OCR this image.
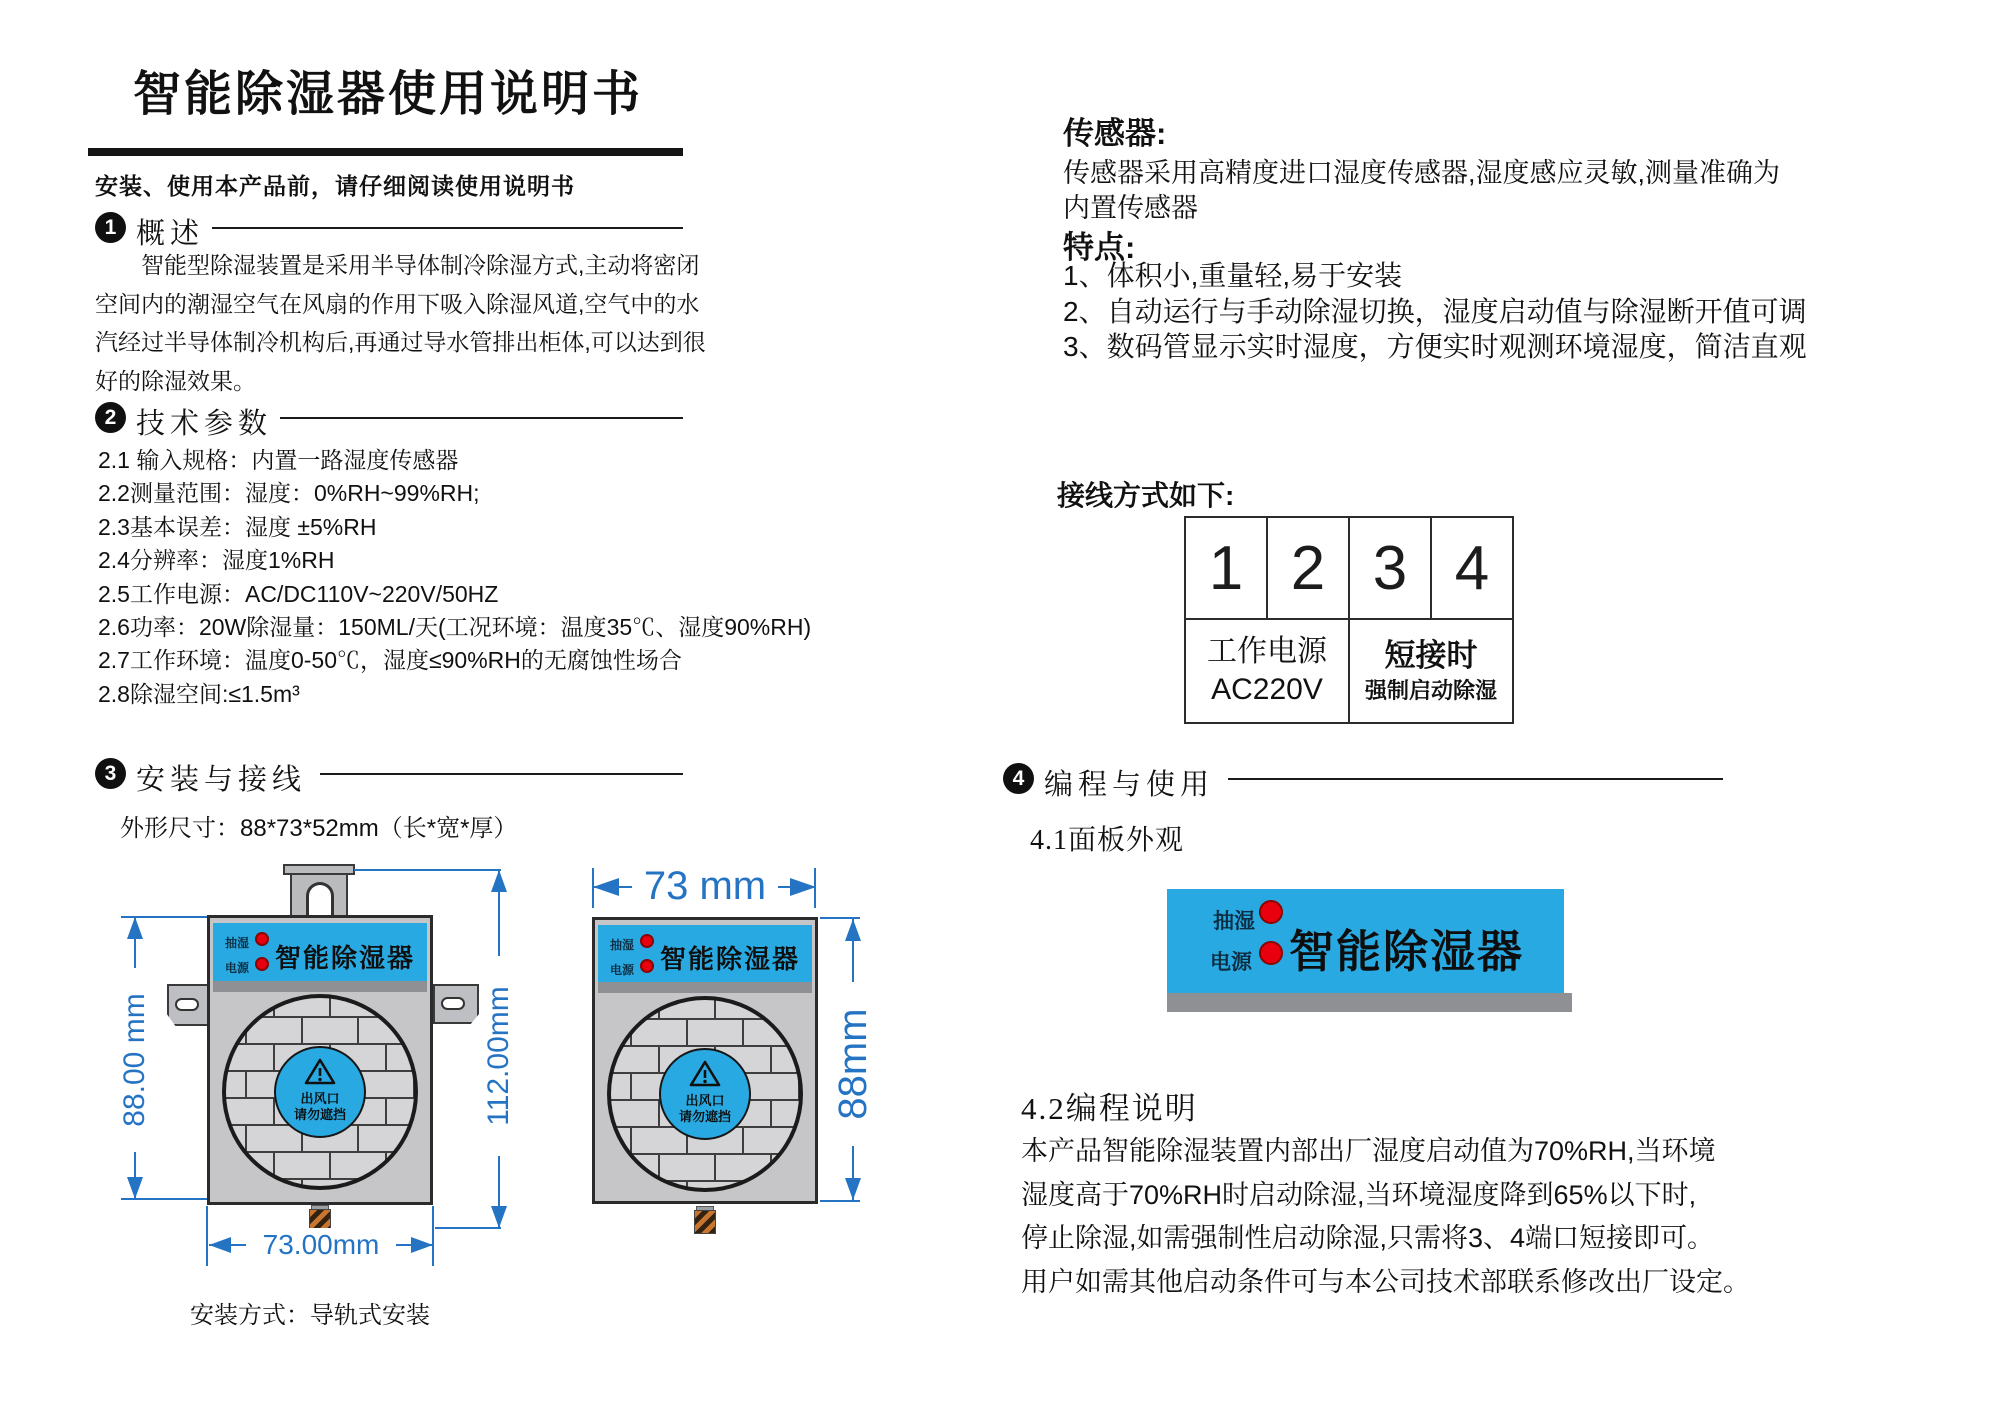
智能除湿器使用说明书
安装、使用本产品前，请仔细阅读使用说明书
1 概述
智能型除湿装置是采用半导体制冷除湿方式,主动将密闭
空间内的潮湿空气在风扇的作用下吸入除湿风道,空气中的水
汽经过半导体制冷机构后,再通过导水管排出柜体,可以达到很
好的除湿效果。
2 技术参数
2.1 输入规格：内置一路湿度传感器
2.2测量范围：湿度：0%RH~99%RH;
2.3基本误差：湿度 ±5%RH
2.4分辨率：湿度1%RH
2.5工作电源：AC/DC110V~220V/50HZ
2.6功率：20W除湿量：150ML/天(工况环境：温度35℃、湿度90%RH)
2.7工作环境：温度0-50℃，湿度≤90%RH的无腐蚀性场合
2.8除湿空间:≤1.5m³
3 安装与接线
外形尺寸：88*73*52mm（长*宽*厚）
抽湿
电源 智能除湿器
出风口
请勿遮挡
88.00 mm	112.00mm
73.00mm
抽湿
电源 智能除湿器
出风口
请勿遮挡
73 mm
88mm
安装方式：导轨式安装
传感器:
传感器采用高精度进口湿度传感器,湿度感应灵敏,测量准确为
内置传感器
特点:
1、体积小,重量轻,易于安装
2、自动运行与手动除湿切换，湿度启动值与除湿断开值可调
3、数码管显示实时湿度，方便实时观测环境湿度，简洁直观
接线方式如下:
1 2 3 4
工作电源
AC220V
短接时
强制启动除湿
4 编程与使用
4.1面板外观
抽湿
电源 智能除湿器
4.2编程说明
本产品智能除湿装置内部出厂湿度启动值为70%RH,当环境
湿度高于70%RH时启动除湿,当环境湿度降到65%以下时,
停止除湿,如需强制性启动除湿,只需将3、4端口短接即可。
用户如需其他启动条件可与本公司技术部联系修改出厂设定。
